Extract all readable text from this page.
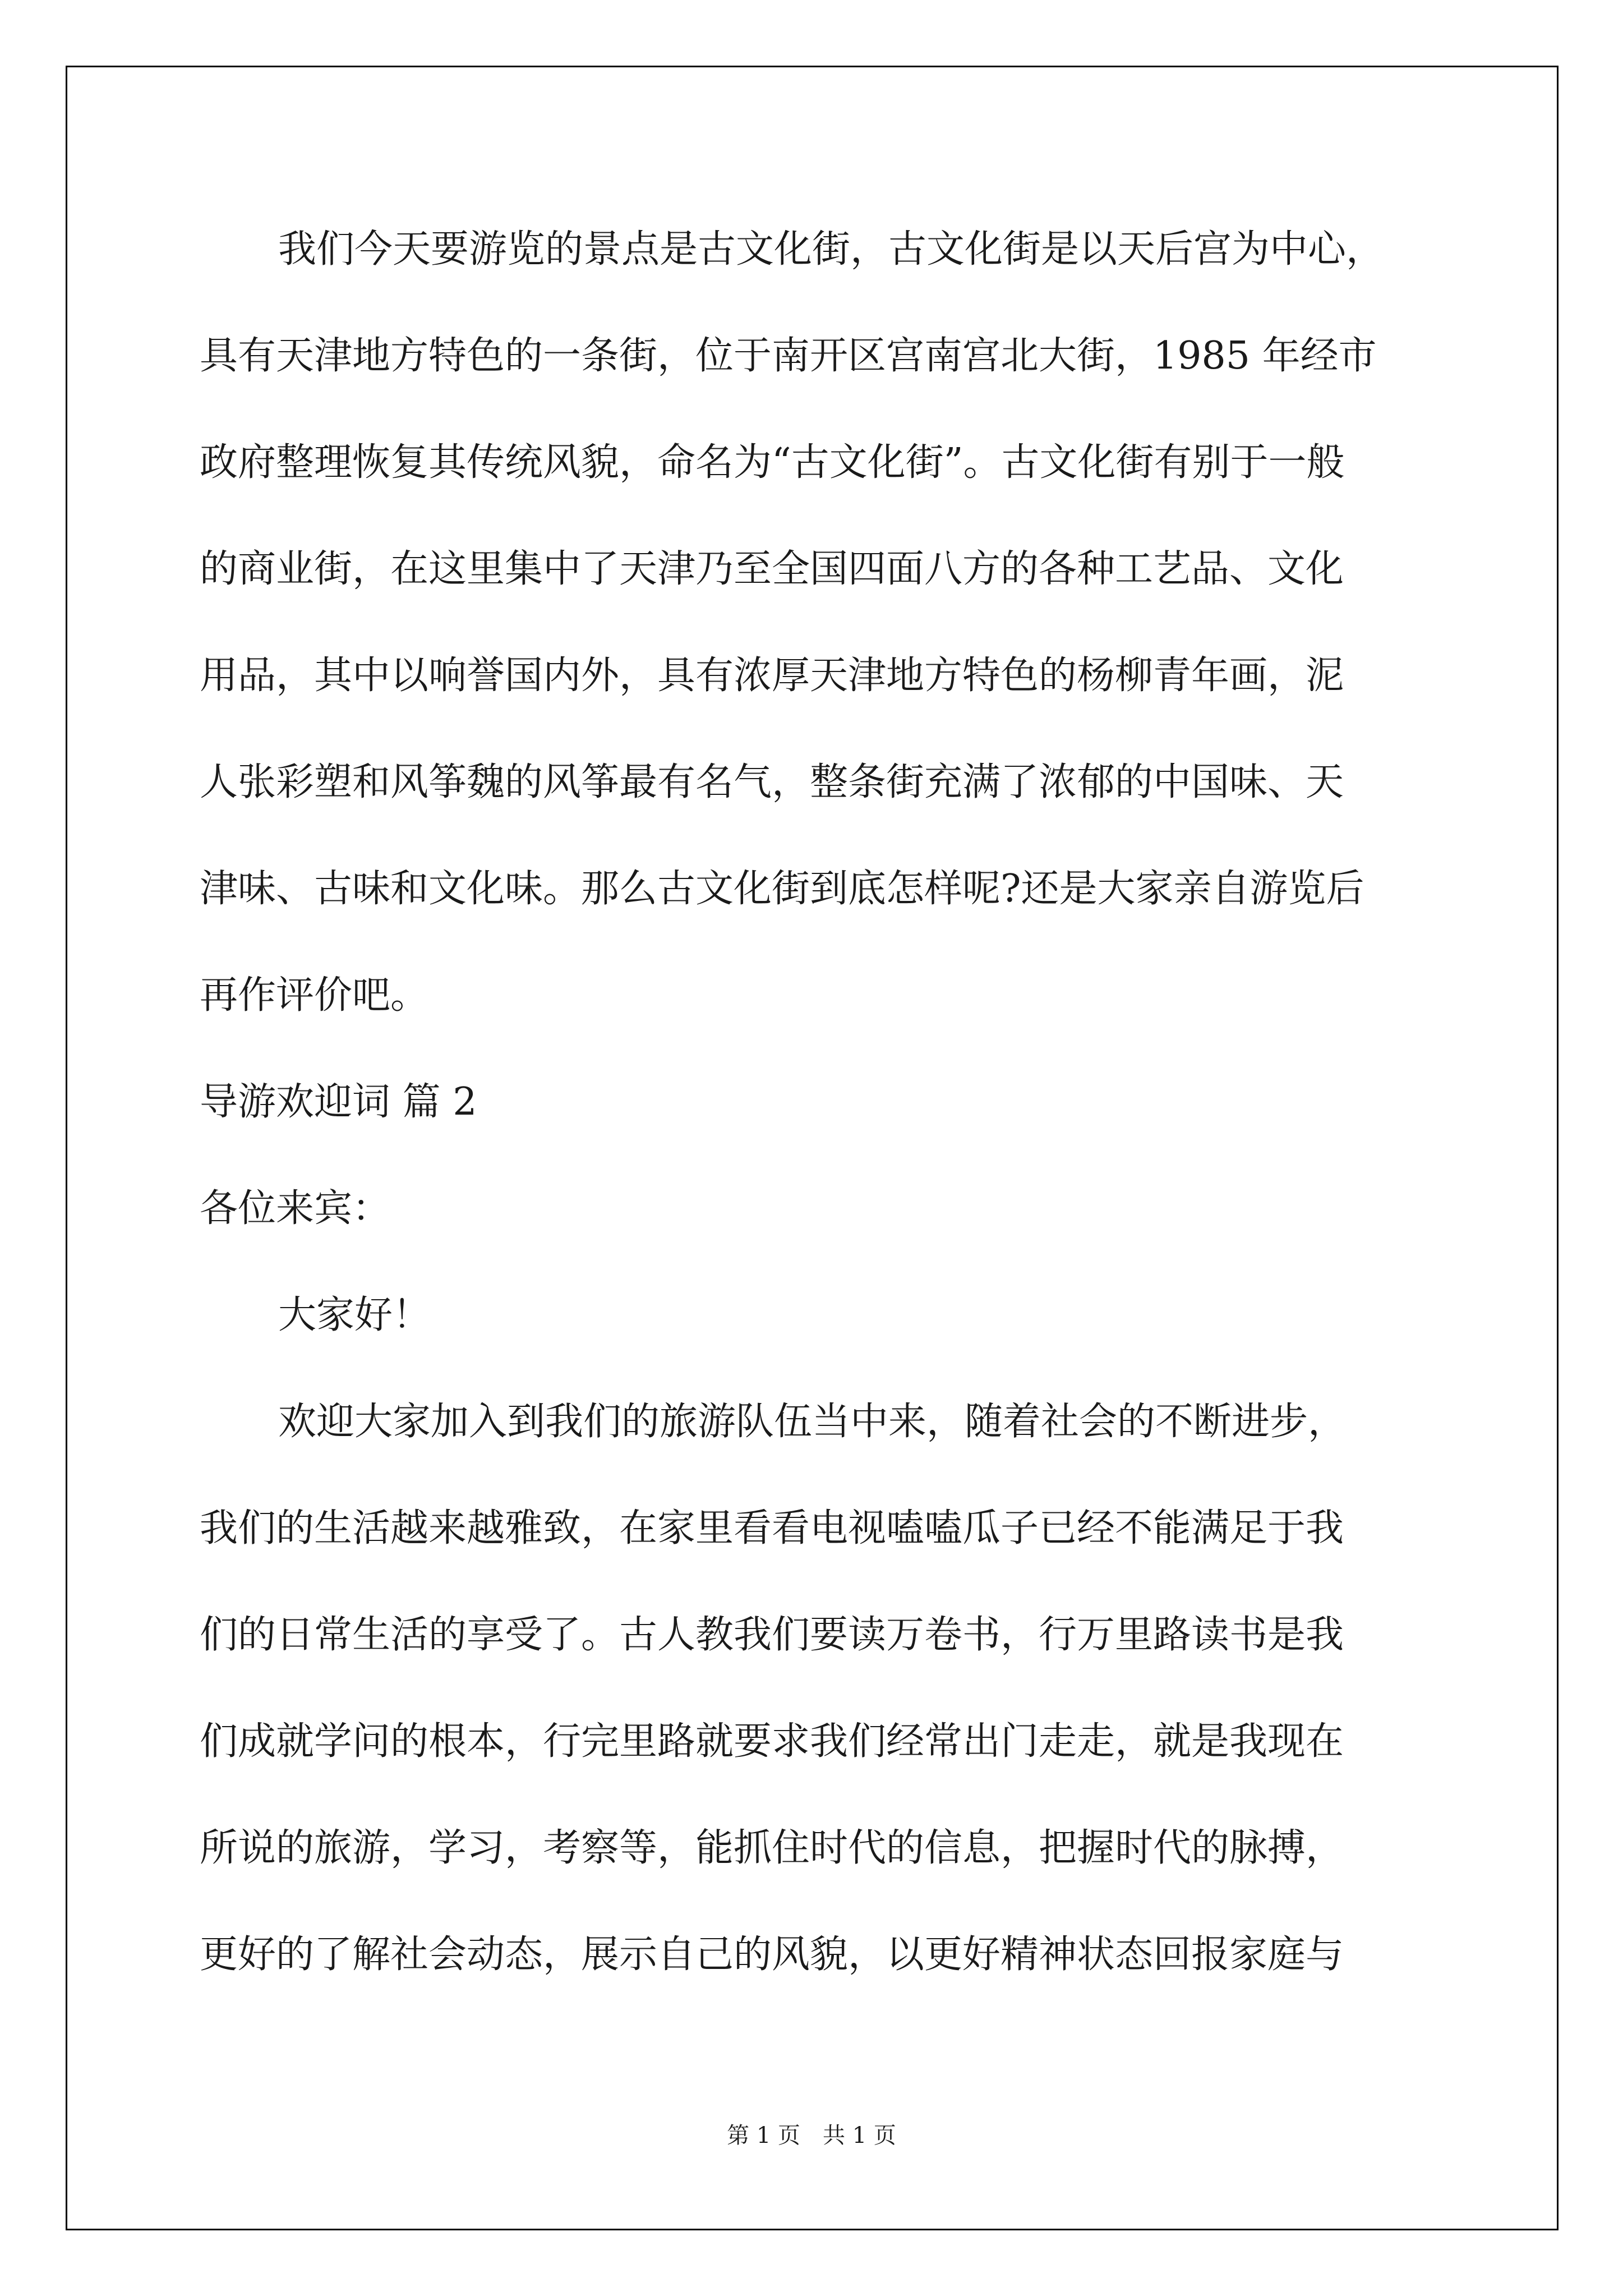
我们今天要游览的景点是古文化街，古文化街是以天后宫为中心，

具有天津地方特色的一条街，位于南开区宫南宫北大街，1985 年经市

政府整理恢复其传统风貌，命名为“古文化街”。古文化街有别于一般

的商业街，在这里集中了天津乃至全国四面八方的各种工艺品、文化

用品，其中以响誉国内外，具有浓厚天津地方特色的杨柳青年画，泥

人张彩塑和风筝魏的风筝最有名气，整条街充满了浓郁的中国味、天

津味、古味和文化味。那么古文化街到底怎样呢?还是大家亲自游览后

再作评价吧。

导游欢迎词 篇 2

各位来宾：

大家好！

欢迎大家加入到我们的旅游队伍当中来，随着社会的不断进步，

我们的生活越来越雅致，在家里看看电视嗑嗑瓜子已经不能满足于我

们的日常生活的享受了。古人教我们要读万卷书，行万里路读书是我

们成就学问的根本，行完里路就要求我们经常出门走走，就是我现在

所说的旅游，学习，考察等，能抓住时代的信息，把握时代的脉搏，

更好的了解社会动态，展示自己的风貌，以更好精神状态回报家庭与

第 1 页　共 1 页
